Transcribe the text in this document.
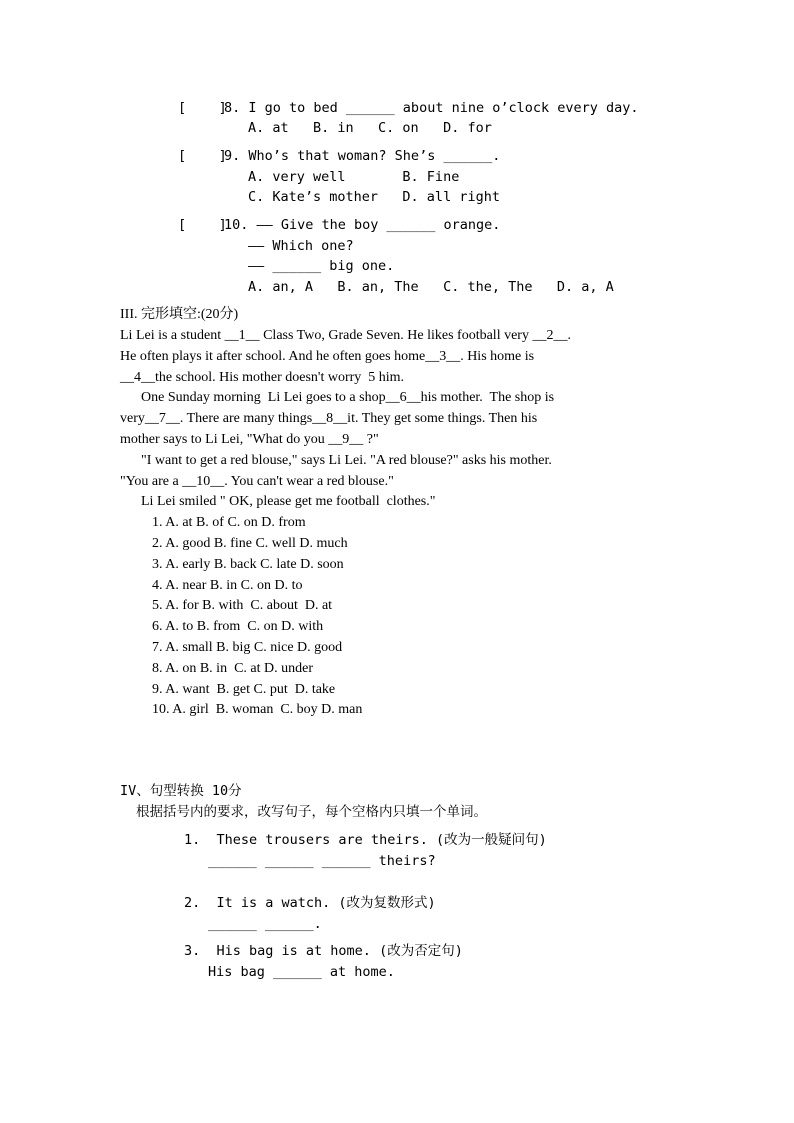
[    ]
8. I go to bed ______ about nine o’clock every day.
A. at   B. in   C. on   D. for
[    ]
9. Who’s that woman? She’s ______.
A. very well       B. Fine
C. Kate’s mother   D. all right
[    ]
10. —— Give the boy ______ orange.
—— Which one?
—— ______ big one.
A. an, A   B. an, The   C. the, The   D. a, A
III. 完形填空:(20分)
Li Lei is a student __1__ Class Two, Grade Seven. He likes football very __2__.
He often plays it after school. And he often goes home__3__. His home is
__4__the school. His mother doesn't worry  5 him.
One Sunday morning  Li Lei goes to a shop__6__his mother.  The shop is
very__7__. There are many things__8__it. They get some things. Then his
mother says to Li Lei, "What do you __9__ ?"
"I want to get a red blouse," says Li Lei. "A red blouse?" asks his mother.
"You are a __10__. You can't wear a red blouse."
Li Lei smiled " OK, please get me football  clothes."
1. A. at B. of C. on D. from
2. A. good B. fine C. well D. much
3. A. early B. back C. late D. soon
4. A. near B. in C. on D. to
5. A. for B. with  C. about  D. at
6. A. to B. from  C. on D. with
7. A. small B. big C. nice D. good
8. A. on B. in  C. at D. under
9. A. want  B. get C. put  D. take
10. A. girl  B. woman  C. boy D. man
IV、句型转换 10分
根据括号内的要求，改写句子，每个空格内只填一个单词。
1.  These trousers are theirs. (改为一般疑问句)
______ ______ ______ theirs?
2.  It is a watch. (改为复数形式)
______ ______.
3.  His bag is at home. (改为否定句)
His bag ______ at home.
